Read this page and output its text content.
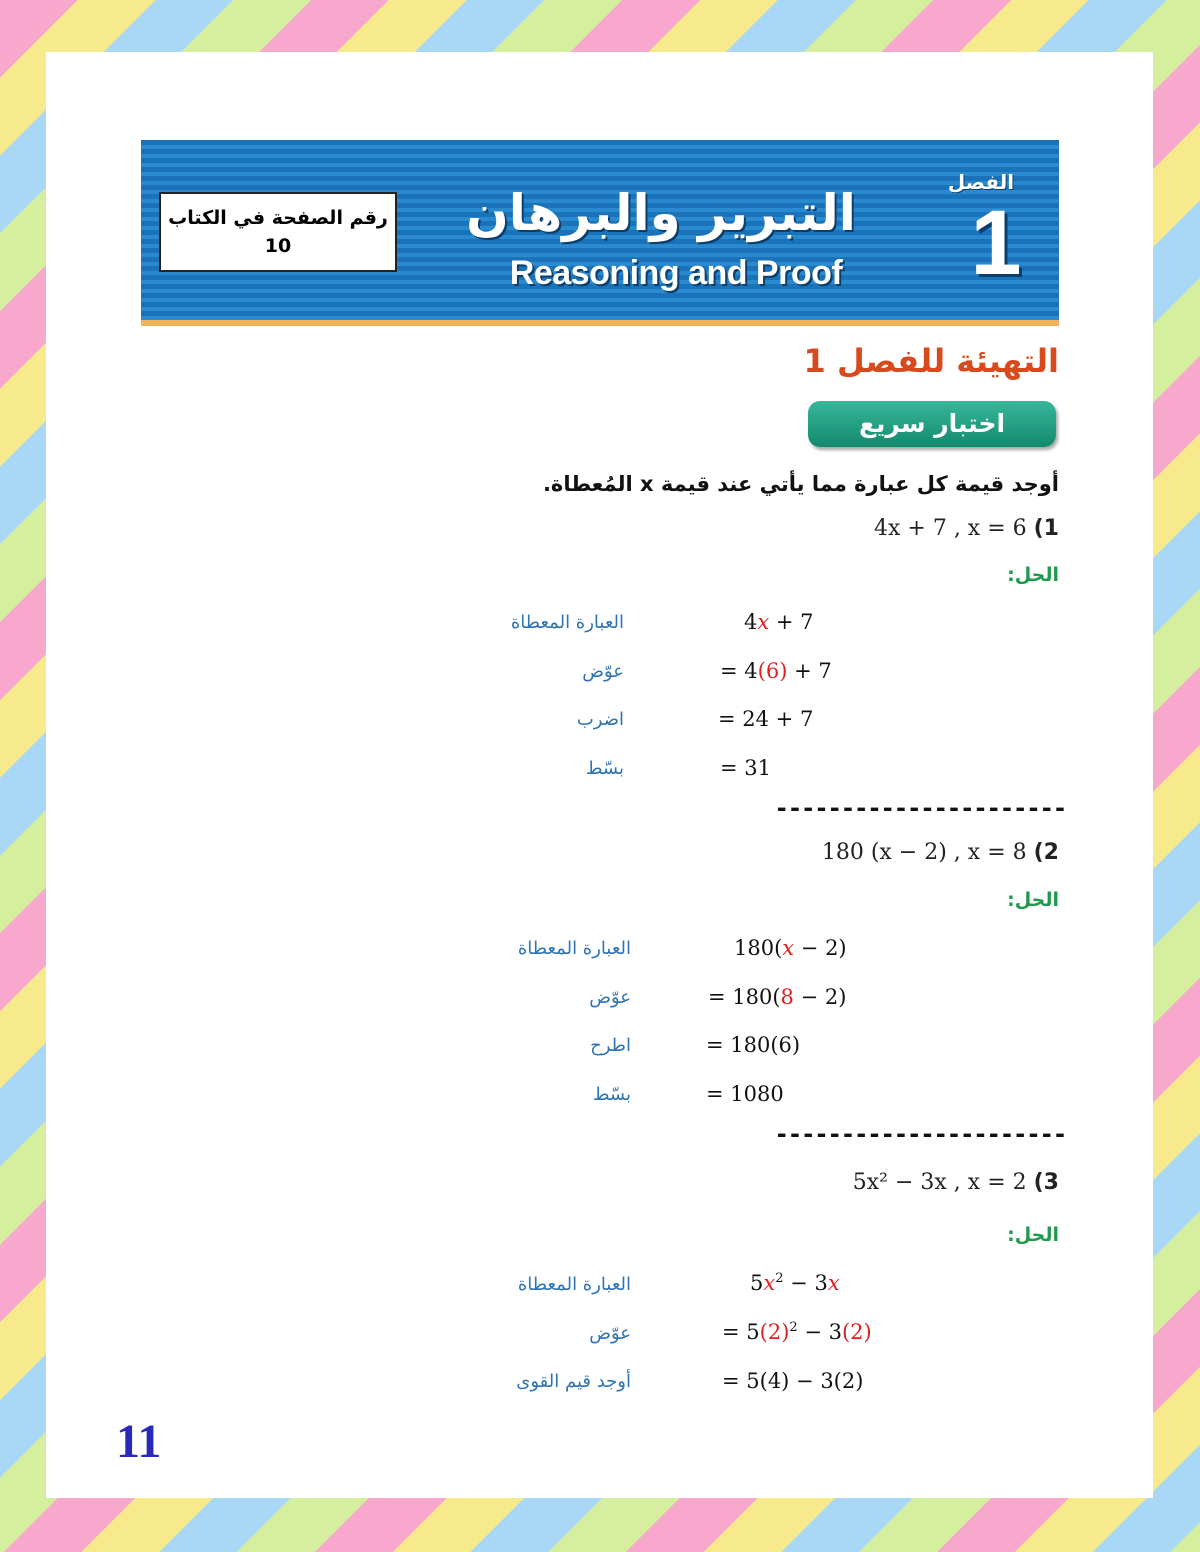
رقم الصفحة في الكتاب
10
التبرير والبرهان
Reasoning and Proof
الفصل
1
التهيئة للفصل 1
اختبار سريع
أوجد قيمة كل عبارة مما يأتي عند قيمة x المُعطاة.
4x + 7 , x = 6 (1
الحل:
العبارة المعطاة	4x + 7
عوّض	= 4(6) + 7
اضرب	= 24 + 7
بسّط	= 31
----------------------
180 (x − 2) , x = 8 (2
الحل:
العبارة المعطاة	180(x − 2)
عوّض	= 180(8 − 2)
اطرح	= 180(6)
بسّط	= 1080
----------------------
5x² − 3x , x = 2 (3
الحل:
العبارة المعطاة	$5x^2 - 3x$
عوّض	= $5(2)^2 - 3(2)$
أوجد قيم القوى	= 5(4) − 3(2)
11
